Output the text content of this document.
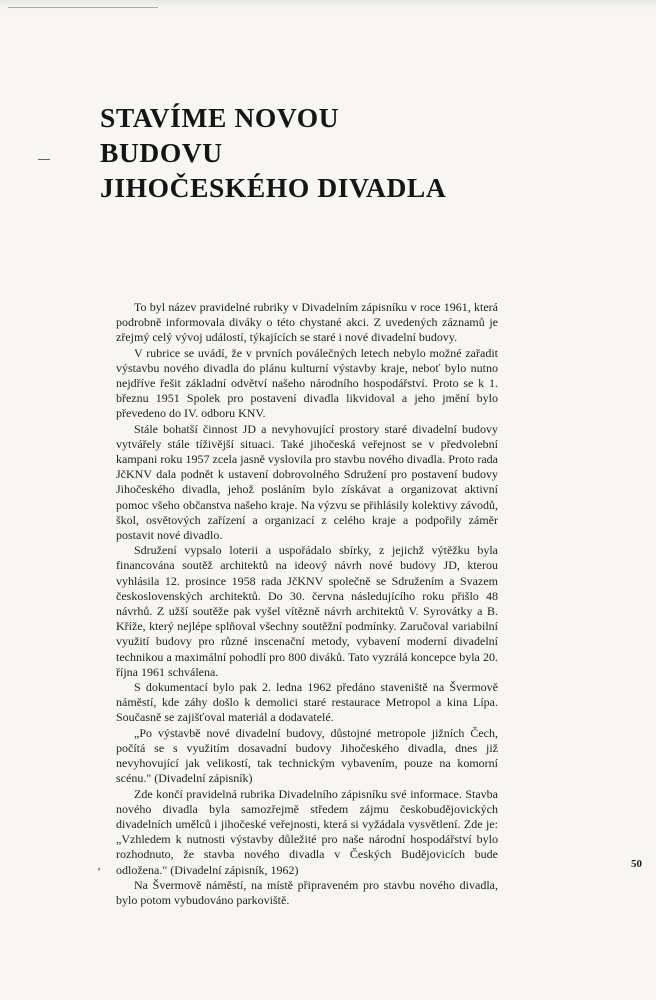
STAVÍME NOVOU
BUDOVU
JIHOČESKÉHO DIVADLA

To byl název pravidelné rubriky v Divadelním zápisníku v roce 1961, která podrobně informovala diváky o této chystané akci. Z uvedených záznamů je zřejmý celý vývoj událostí, týkajících se staré i nové divadelní budovy.

V rubrice se uvádí, že v prvních poválečných letech nebylo možné zařadit výstavbu nového divadla do plánu kulturní výstavby kraje, neboť bylo nutno nejdříve řešit základní odvětví našeho národního hospodářství. Proto se k 1. březnu 1951 Spolek pro postavení divadla likvidoval a jeho jmění bylo převedeno do IV. odboru KNV.

Stále bohatší činnost JD a nevyhovující prostory staré divadelní budovy vytvářely stále tíživější situaci. Také jihočeská veřejnost se v předvolební kampani roku 1957 zcela jasně vyslovila pro stavbu nového divadla. Proto rada JčKNV dala podnět k ustavení dobrovolného Sdružení pro postavení budovy Jihočeského divadla, jehož posláním bylo získávat a organizovat aktivní pomoc všeho občanstva našeho kraje. Na výzvu se přihlásily kolektivy závodů, škol, osvětových zařízení a organizací z celého kraje a podpořily záměr postavit nové divadlo.

Sdružení vypsalo loterii a uspořádalo sbírky, z jejichž výtěžku byla financována soutěž architektů na ideový návrh nové budovy JD, kterou vyhlásila 12. prosince 1958 rada JčKNV společně se Sdružením a Svazem československých architektů. Do 30. června následujícího roku přišlo 48 návrhů. Z užší soutěže pak vyšel vítězně návrh architektů V. Syrovátky a B. Kříže, který nejlépe splňoval všechny soutěžní podmínky. Zaručoval variabilní využití budovy pro různé inscenační metody, vybavení moderní divadelní technikou a maximální pohodlí pro 800 diváků. Tato vyzrálá koncepce byla 20. října 1961 schválena.

S dokumentací bylo pak 2. ledna 1962 předáno staveniště na Švermově náměstí, kde záhy došlo k demolici staré restaurace Metropol a kina Lípa. Současně se zajišťoval materiál a dodavatelé.

„Po výstavbě nové divadelní budovy, důstojné metropole jižních Čech, počítá se s využitím dosavadní budovy Jihočeského divadla, dnes již nevyhovující jak velikostí, tak technickým vybavením, pouze na komorní scénu." (Divadelní zápisník)

Zde končí pravidelná rubrika Divadelního zápisníku své informace. Stavba nového divadla byla samozřejmě středem zájmu českobudějovických divadelních umělců i jihočeské veřejnosti, která si vyžádala vysvětlení. Zde je: „Vzhledem k nutnosti výstavby důležité pro naše národní hospodářství bylo rozhodnuto, že stavba nového divadla v Českých Budějovicích bude odložena." (Divadelní zápisník, 1962)

Na Švermově náměstí, na místě připraveném pro stavbu nového divadla, bylo potom vybudováno parkoviště.

‚	50
